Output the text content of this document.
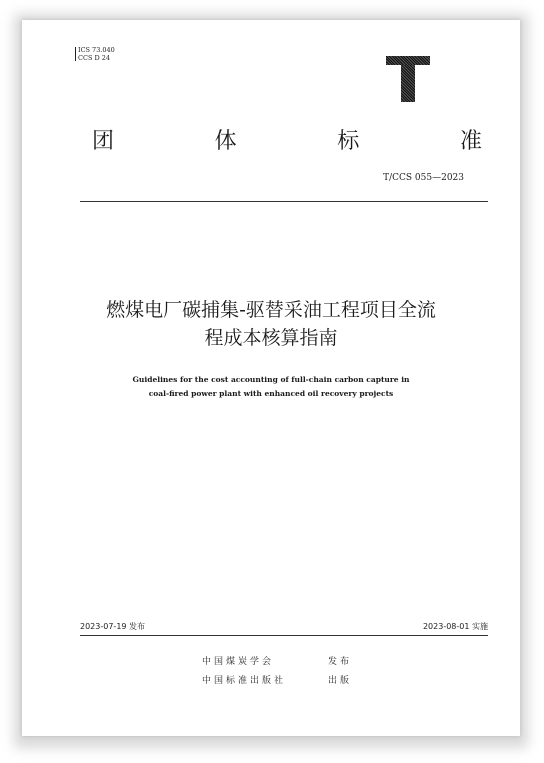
ICS 73.040
CCS D 24
团	体	标	准
T/CCS 055—2023
燃煤电厂碳捕集-驱替采油工程项目全流
程成本核算指南
Guidelines for the cost accounting of full-chain carbon capture in
coal-fired power plant with enhanced oil recovery projects
2023-07-19 发布	2023-08-01 实施
中国煤炭学会	发布
中国标准出版社	出版
